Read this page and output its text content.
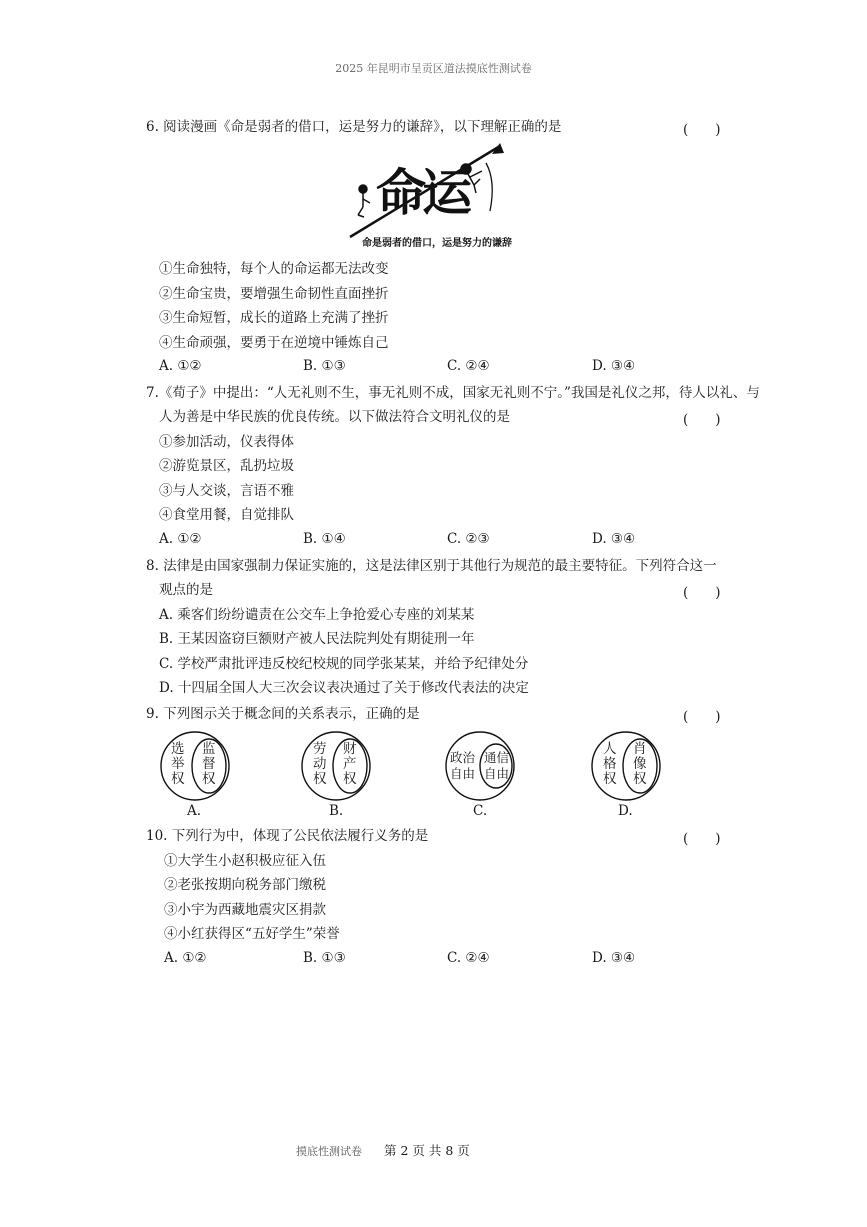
2025 年昆明市呈贡区道法摸底性测试卷
6. 阅读漫画《命是弱者的借口，运是努力的谦辞》，以下理解正确的是	(　　)
命运
命是弱者的借口，运是努力的谦辞
①生命独特，每个人的命运都无法改变
②生命宝贵，要增强生命韧性直面挫折
③生命短暂，成长的道路上充满了挫折
④生命顽强，要勇于在逆境中锤炼自己
A. ①②	B. ①③	C. ②④	D. ③④
7.《荀子》中提出：“人无礼则不生，事无礼则不成，国家无礼则不宁。”我国是礼仪之邦，待人以礼、与
人为善是中华民族的优良传统。以下做法符合文明礼仪的是	(　　)
①参加活动，仪表得体
②游览景区，乱扔垃圾
③与人交谈，言语不雅
④食堂用餐，自觉排队
A. ①②	B. ①④	C. ②③	D. ③④
8. 法律是由国家强制力保证实施的，这是法律区别于其他行为规范的最主要特征。下列符合这一
观点的是	(　　)
A. 乘客们纷纷谴责在公交车上争抢爱心专座的刘某某
B. 王某因盗窃巨额财产被人民法院判处有期徒刑一年
C. 学校严肃批评违反校纪校规的同学张某某，并给予纪律处分
D. 十四届全国人大三次会议表决通过了关于修改代表法的决定
9. 下列图示关于概念间的关系表示，正确的是	(　　)
选
举
权
监
督
权
A.
劳
动
权
财
产
权
B.
政治
自由
通信
自由
C.
人
格
权
肖
像
权
D.
10. 下列行为中，体现了公民依法履行义务的是	(　　)
①大学生小赵积极应征入伍
②老张按期向税务部门缴税
③小宇为西藏地震灾区捐款
④小红获得区“五好学生”荣誉
A. ①②	B. ①③	C. ②④	D. ③④
摸底性测试卷 第 2 页 共 8 页
